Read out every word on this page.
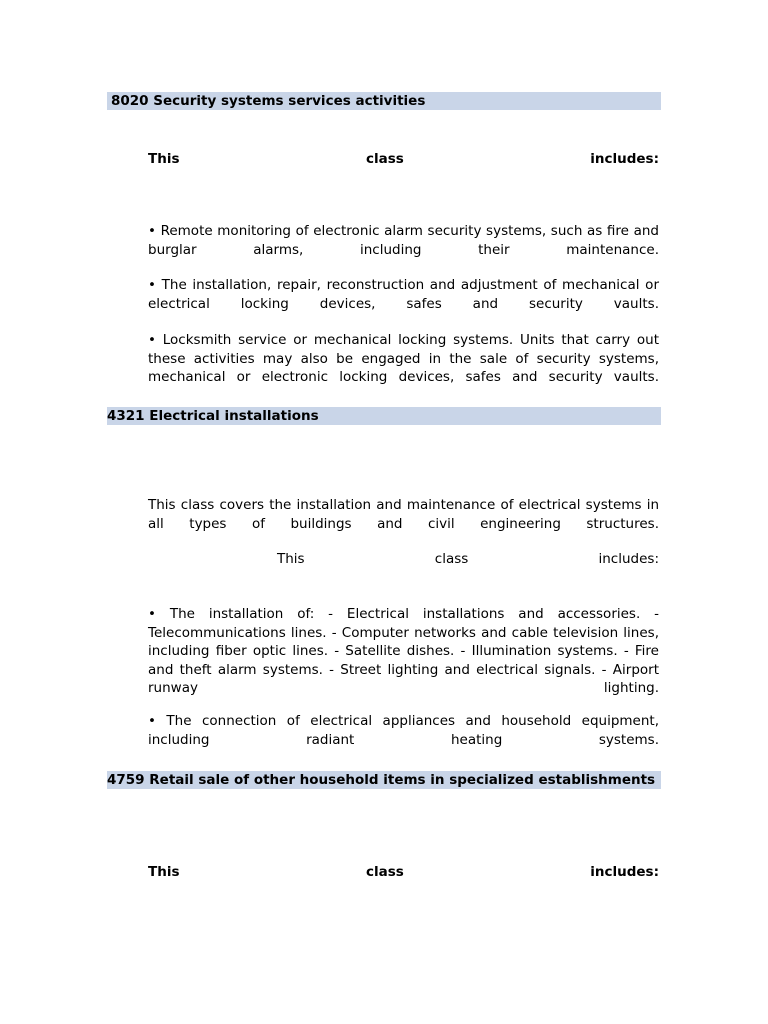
8020 Security systems services activities
This class includes:
• Remote monitoring of electronic alarm security systems, such as fire and burglar alarms, including their maintenance.
• The installation, repair, reconstruction and adjustment of mechanical or electrical locking devices, safes and security vaults.
• Locksmith service or mechanical locking systems. Units that carry out these activities may also be engaged in the sale of security systems, mechanical or electronic locking devices, safes and security vaults.
4321 Electrical installations
This class covers the installation and maintenance of electrical systems in all types of buildings and civil engineering structures.
This class includes:
• The installation of: - Electrical installations and accessories. - Telecommunications lines. - Computer networks and cable television lines, including fiber optic lines. - Satellite dishes. - Illumination systems. - Fire and theft alarm systems. - Street lighting and electrical signals. - Airport runway lighting.
• The connection of electrical appliances and household equipment, including radiant heating systems.
4759 Retail sale of other household items in specialized establishments
This class includes:
